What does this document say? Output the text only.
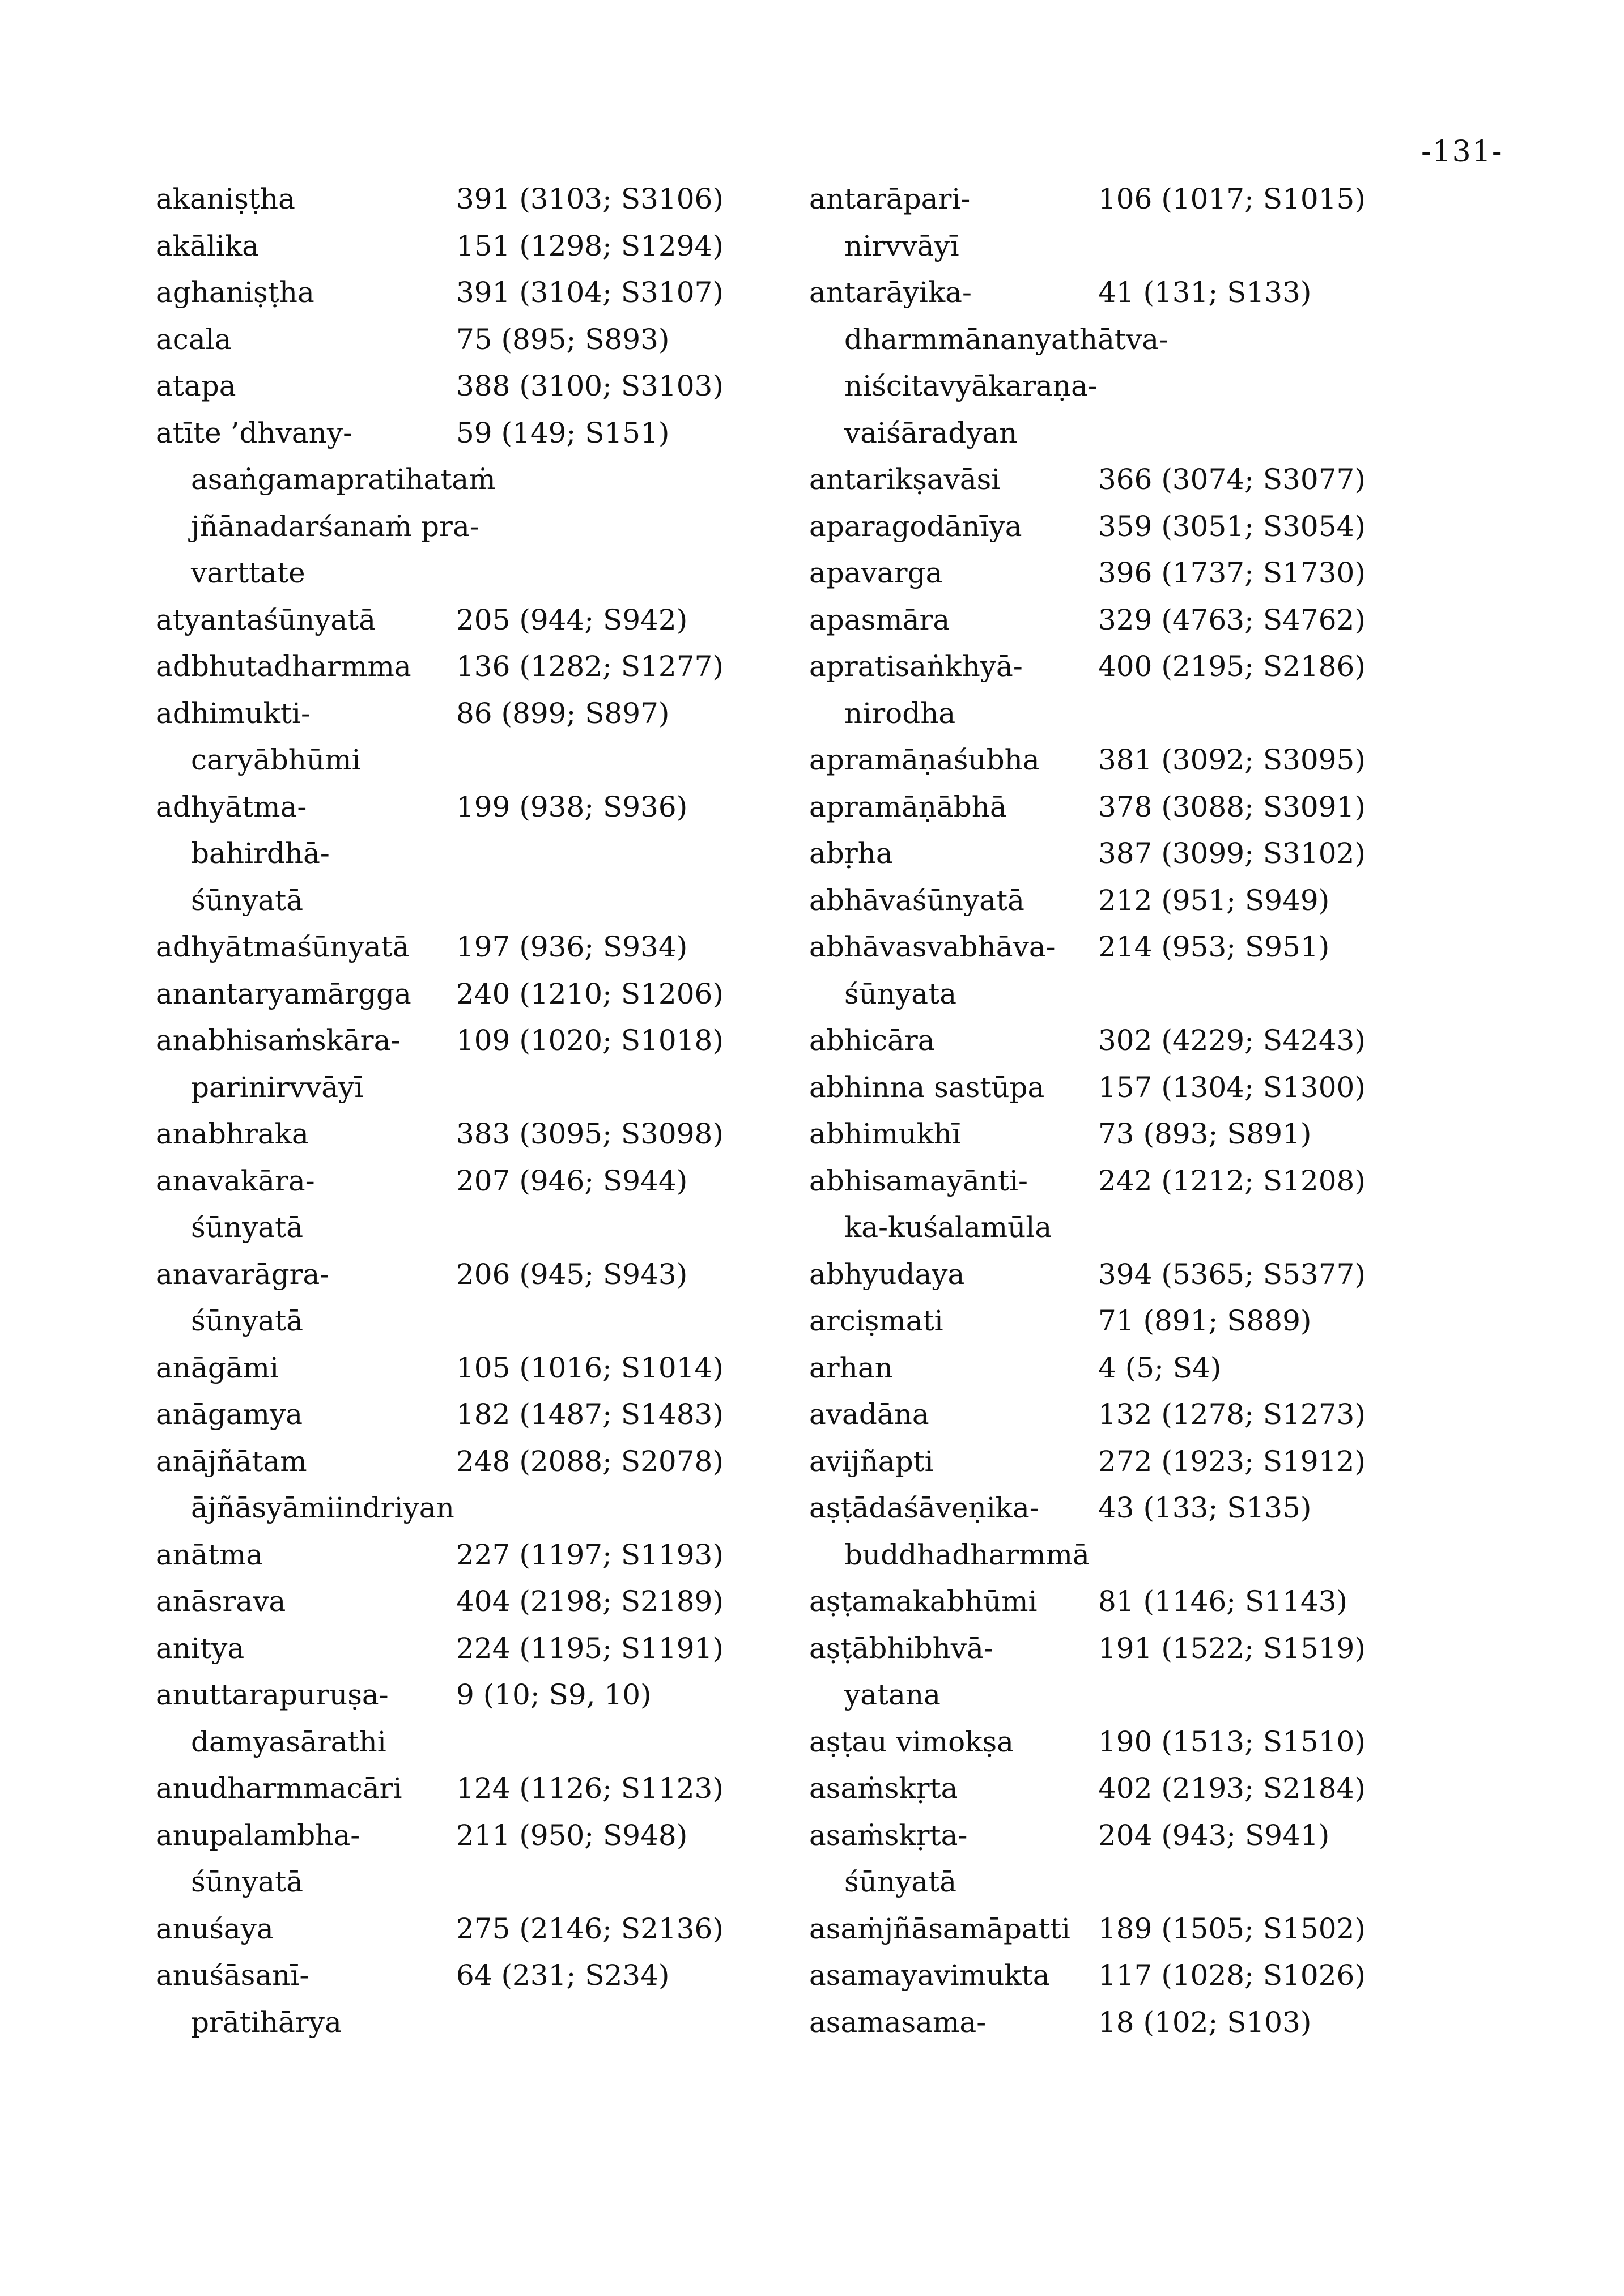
-131-
akaniṣṭha	391 (3103; S3106)
akālika	151 (1298; S1294)
aghaniṣṭha	391 (3104; S3107)
acala	75 (895; S893)
atapa	388 (3100; S3103)
atīte ’dhvany-	59 (149; S151)
asaṅgamapratihataṁ
jñānadarśanaṁ pra-
varttate
atyantaśūnyatā	205 (944; S942)
adbhutadharmma 136 (1282; S1277)
adhimukti-	86 (899; S897)
caryābhūmi
adhyātma-	199 (938; S936)
bahirdhā-
śūnyatā
adhyātmaśūnyatā 197 (936; S934)
anantaryamārgga 240 (1210; S1206)
anabhisaṁskāra- 109 (1020; S1018)
parinirvvāyī
anabhraka	383 (3095; S3098)
anavakāra-	207 (946; S944)
śūnyatā
anavarāgra-	206 (945; S943)
śūnyatā
anāgāmi	105 (1016; S1014)
anāgamya	182 (1487; S1483)
anājñātam	248 (2088; S2078)
ājñāsyāmiindriyan
anātma	227 (1197; S1193)
anāsrava	404 (2198; S2189)
anitya	224 (1195; S1191)
anuttarapuruṣa- 9 (10; S9, 10)
damyasārathi
anudharmmacāri 124 (1126; S1123)
anupalambha-	211 (950; S948)
śūnyatā
anuśaya	275 (2146; S2136)
anuśāsanī-	64 (231; S234)
prātihārya
antarāpari-	106 (1017; S1015)
nirvvāyī
antarāyika-	41 (131; S133)
dharmmānanyathātva-
niścitavyākaraṇa-
vaiśāradyan
antarikṣavāsi	366 (3074; S3077)
aparagodānīya	359 (3051; S3054)
apavarga	396 (1737; S1730)
apasmāra	329 (4763; S4762)
apratisaṅkhyā-	400 (2195; S2186)
nirodha
apramāṇaśubha 381 (3092; S3095)
apramāṇābhā	378 (3088; S3091)
abṛha	387 (3099; S3102)
abhāvaśūnyatā	212 (951; S949)
abhāvasvabhāva- 214 (953; S951)
śūnyata
abhicāra	302 (4229; S4243)
abhinna sastūpa 157 (1304; S1300)
abhimukhī	73 (893; S891)
abhisamayānti- 242 (1212; S1208)
ka-kuśalamūla
abhyudaya	394 (5365; S5377)
arciṣmati	71 (891; S889)
arhan	4 (5; S4)
avadāna	132 (1278; S1273)
avijñapti	272 (1923; S1912)
aṣṭādaśāveṇika- 43 (133; S135)
buddhadharmmā
aṣṭamakabhūmi 81 (1146; S1143)
aṣṭābhibhvā-	191 (1522; S1519)
yatana
aṣṭau vimokṣa	190 (1513; S1510)
asaṁskṛta	402 (2193; S2184)
asaṁskṛta-	204 (943; S941)
śūnyatā
asaṁjñāsamāpatti 189 (1505; S1502)
asamayavimukta 117 (1028; S1026)
asamasama-	18 (102; S103)
